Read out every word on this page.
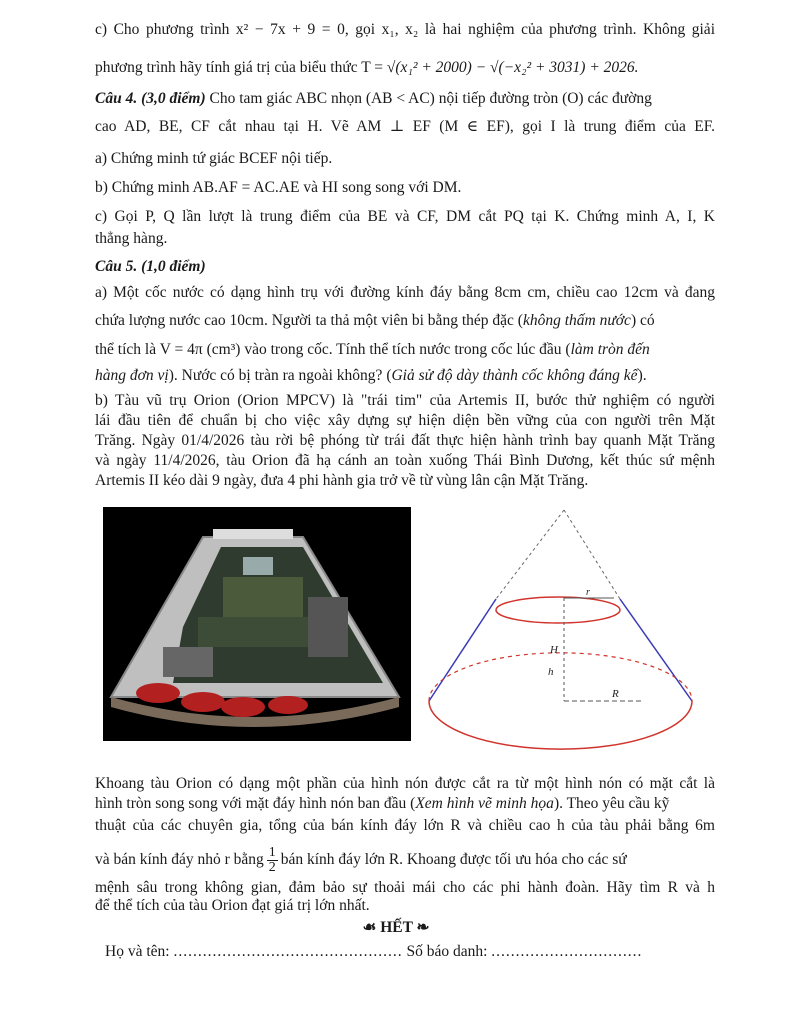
c) Cho phương trình x² − 7x + 9 = 0, gọi x₁, x₂ là hai nghiệm của phương trình. Không giải
phương trình hãy tính giá trị của biểu thức T = √(x₁² + 2000) − √(−x₂² + 3031) + 2026.
Câu 4. (3,0 điểm) Cho tam giác ABC nhọn (AB < AC) nội tiếp đường tròn (O) các đường
cao AD, BE, CF cắt nhau tại H. Vẽ AM ⊥ EF (M ∈ EF), gọi I là trung điểm của EF.
a) Chứng minh tứ giác BCEF nội tiếp.
b) Chứng minh AB.AF = AC.AE và HI song song với DM.
c) Gọi P, Q lần lượt là trung điểm của BE và CF, DM cắt PQ tại K. Chứng minh A, I, K
thẳng hàng.
Câu 5. (1,0 điểm)
a) Một cốc nước có dạng hình trụ với đường kính đáy bằng 8cm cm, chiều cao 12cm và đang
chứa lượng nước cao 10cm. Người ta thả một viên bi bằng thép đặc (không thấm nước) có
thể tích là V = 4π (cm³) vào trong cốc. Tính thể tích nước trong cốc lúc đầu (làm tròn đến
hàng đơn vị). Nước có bị tràn ra ngoài không? (Giả sử độ dày thành cốc không đáng kể).
b) Tàu vũ trụ Orion (Orion MPCV) là "trái tim" của Artemis II, bước thử nghiệm có người
lái đầu tiên để chuẩn bị cho việc xây dựng sự hiện diện bền vững của con người trên Mặt
Trăng. Ngày 01/4/2026 tàu rời bệ phóng từ trái đất thực hiện hành trình bay quanh Mặt Trăng
và ngày 11/4/2026, tàu Orion đã hạ cánh an toàn xuống Thái Bình Dương, kết thúc sứ mệnh
Artemis II kéo dài 9 ngày, đưa 4 phi hành gia trở về từ vùng lân cận Mặt Trăng.
r
H
h
R
Khoang tàu Orion có dạng một phần của hình nón được cắt ra từ một hình nón có mặt cắt là
hình tròn song song với mặt đáy hình nón ban đầu (Xem hình vẽ minh họa). Theo yêu cầu kỹ
thuật của các chuyên gia, tổng của bán kính đáy lớn R và chiều cao h của tàu phải bằng 6m
và bán kính đáy nhỏ r bằng $\frac{1}{2}$ bán kính đáy lớn R. Khoang được tối ưu hóa cho các sứ
mệnh sâu trong không gian, đảm bảo sự thoải mái cho các phi hành đoàn. Hãy tìm R và h
để thể tích của tàu Orion đạt giá trị lớn nhất.
☙ HẾT ❧
Họ và tên: ............................................... Số báo danh: ...............................
